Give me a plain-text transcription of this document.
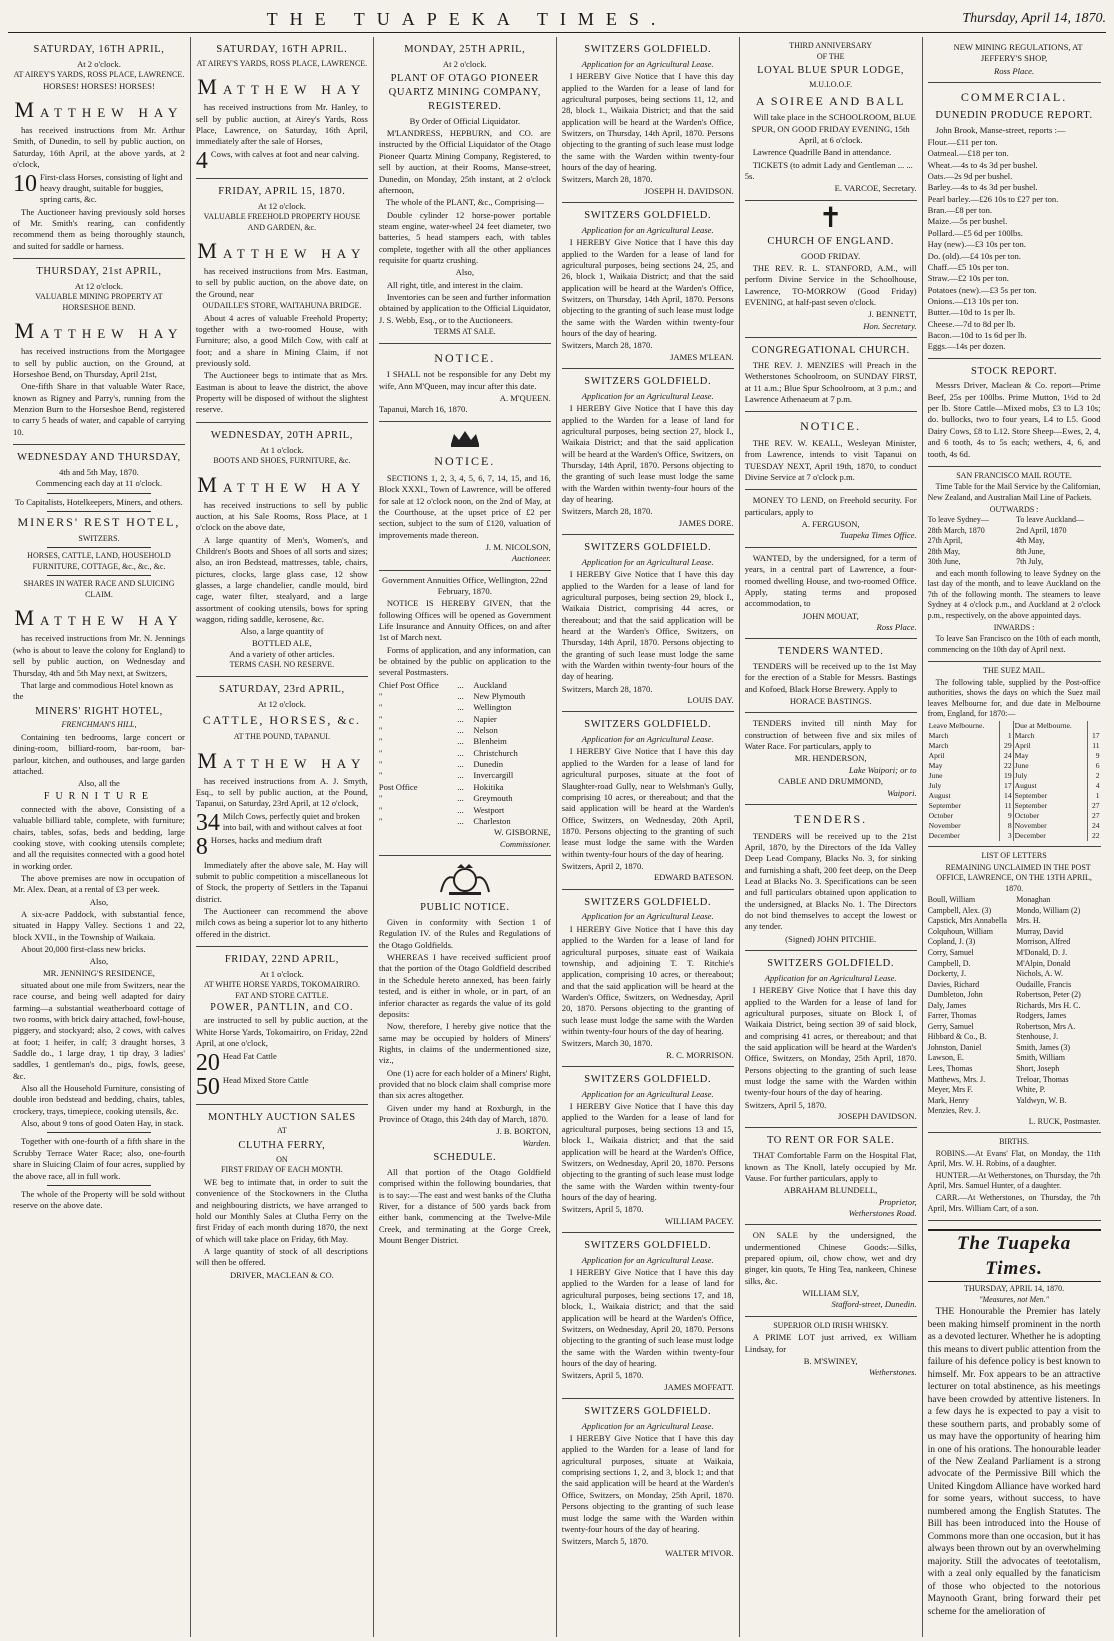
THE TUAPEKA TIMES.	Thursday, April 14, 1870.
SATURDAY, 16TH APRIL,
At 2 o'clock.
AT AIREY'S YARDS, ROSS PLACE, LAWRENCE.
HORSES! HORSES! HORSES!
MATTHEW HAY

has received instructions from Mr. Arthur Smith, of Dunedin, to sell by public auction, on Saturday, 16th April, at the above yards, at 2 o'clock,

10 First-class Horses, consisting of light and heavy draught, suitable for buggies, spring carts, &c.

The Auctioneer having previously sold horses of Mr. Smith's rearing, can confidently recommend them as being thoroughly staunch, and suited for saddle or harness.

THURSDAY, 21st APRIL,
At 12 o'clock.
VALUABLE MINING PROPERTY AT HORSESHOE BEND.
MATTHEW HAY

has received instructions from the Mortgagee to sell by public auction, on the Ground, at Horseshoe Bend, on Thursday, April 21st,

One-fifth Share in that valuable Water Race, known as Rigney and Parry's, running from the Menzion Burn to the Horseshoe Bend, registered to carry 5 heads of water, and capable of carrying 10.

WEDNESDAY AND THURSDAY,
4th and 5th May, 1870.
Commencing each day at 11 o'clock.
To Capitalists, Hotelkeepers, Miners, and others.
MINERS' REST HOTEL,
SWITZERS.
HORSES, CATTLE, LAND, HOUSEHOLD FURNITURE, COTTAGE, &c., &c., &c.
SHARES IN WATER RACE AND SLUICING CLAIM.
MATTHEW HAY

has received instructions from Mr. N. Jennings (who is about to leave the colony for England) to sell by public auction, on Wednesday and Thursday, 4th and 5th May next, at Switzers,

That large and commodious Hotel known as the

MINERS' RIGHT HOTEL,
FRENCHMAN'S HILL,

Containing ten bedrooms, large concert or dining-room, billiard-room, bar-room, bar-parlour, kitchen, and outhouses, and large garden attached.

Also, all the
FURNITURE

connected with the above, Consisting of a valuable billiard table, complete, with furniture; chairs, tables, sofas, beds and bedding, large cooking stove, with cooking utensils complete; and all the requisites connected with a good hotel in working order.

The above premises are now in occupation of Mr. Alex. Dean, at a rental of £3 per week.

Also,

A six-acre Paddock, with substantial fence, situated in Happy Valley. Sections 1 and 22, block XVII., in the Township of Waikaia.

About 20,000 first-class new bricks.

Also,
MR. JENNING'S RESIDENCE,

situated about one mile from Switzers, near the race course, and being well adapted for dairy farming—a substantial weatherboard cottage of two rooms, with brick dairy attached, fowl-house, piggery, and stockyard; also, 2 cows, with calves at foot; 1 heifer, in calf; 3 draught horses, 3 Saddle do., 1 large dray, 1 tip dray, 3 ladies' saddles, 1 gentleman's do., pigs, fowls, geese, &c.

Also all the Household Furniture, consisting of double iron bedstead and bedding, chairs, tables, crockery, trays, timepiece, cooking utensils, &c.

Also, about 9 tons of good Oaten Hay, in stack.

Together with one-fourth of a fifth share in the Scrubby Terrace Water Race; also, one-fourth share in Sluicing Claim of four acres, supplied by the above race, all in full work.

The whole of the Property will be sold without reserve on the above date.

SATURDAY, 16TH APRIL.
AT AIREY'S YARDS, ROSS PLACE, LAWRENCE.
MATTHEW HAY

has received instructions from Mr. Hanley, to sell by public auction, at Airey's Yards, Ross Place, Lawrence, on Saturday, 16th April, immediately after the sale of Horses,

4 Cows, with calves at foot and near calving.
FRIDAY, APRIL 15, 1870.
At 12 o'clock.
VALUABLE FREEHOLD PROPERTY HOUSE AND GARDEN, &c.
MATTHEW HAY

has received instructions from Mrs. Eastman, to sell by public auction, on the above date, on the Ground, near

OUDAILLE'S STORE, WAITAHUNA BRIDGE.

About 4 acres of valuable Freehold Property; together with a two-roomed House, with Furniture; also, a good Milch Cow, with calf at foot; and a share in Mining Claim, if not previously sold.

The Auctioneer begs to intimate that as Mrs. Eastman is about to leave the district, the above Property will be disposed of without the slightest reserve.

WEDNESDAY, 20TH APRIL,
At 1 o'clock.
BOOTS AND SHOES, FURNITURE, &c.
MATTHEW HAY

has received instructions to sell by public auction, at his Sale Rooms, Ross Place, at 1 o'clock on the above date,

A large quantity of Men's, Women's, and Children's Boots and Shoes of all sorts and sizes; also, an iron Bedstead, mattresses, table, chairs, pictures, clocks, large glass case, 12 show glasses, a large chandelier, candle mould, bird cage, water filter, stealyard, and a large assortment of cooking utensils, bows for spring waggon, riding saddle, kerosene, &c.

Also, a large quantity of
BOTTLED ALE,
And a variety of other articles.
TERMS CASH. NO RESERVE.
SATURDAY, 23rd APRIL,
At 12 o'clock.
CATTLE, HORSES, &c.
AT THE POUND, TAPANUI.
MATTHEW HAY

has received instructions from A. J. Smyth, Esq., to sell by public auction, at the Pound, Tapanui, on Saturday, 23rd April, at 12 o'clock,

34 Milch Cows, perfectly quiet and broken into bail, with and without calves at foot
8 Horses, hacks and medium draft

Immediately after the above sale, M. Hay will submit to public competition a miscellaneous lot of Stock, the property of Settlers in the Tapanui district.

The Auctioneer can recommend the above milch cows as being a superior lot to any hitherto offered in the district.

FRIDAY, 22ND APRIL,
At 1 o'clock.
AT WHITE HORSE YARDS, TOKOMAIRIRO.
FAT AND STORE CATTLE.
POWER, PANTLIN, and CO.

are instructed to sell by public auction, at the White Horse Yards, Tokomairiro, on Friday, 22nd April, at one o'clock,

20 Head Fat Cattle
50 Head Mixed Store Cattle
MONTHLY AUCTION SALES
AT
CLUTHA FERRY,
ON
FIRST FRIDAY OF EACH MONTH.

WE beg to intimate that, in order to suit the convenience of the Stockowners in the Clutha and neighbouring districts, we have arranged to hold our Monthly Sales at Clutha Ferry on the first Friday of each month during 1870, the next of which will take place on Friday, 6th May.

A large quantity of stock of all descriptions will then be offered.

DRIVER, MACLEAN & CO.
MONDAY, 25TH APRIL,
At 2 o'clock.
PLANT OF OTAGO PIONEER QUARTZ MINING COMPANY, REGISTERED.
By Order of Official Liquidator.

M'LANDRESS, HEPBURN, and CO. are instructed by the Official Liquidator of the Otago Pioneer Quartz Mining Company, Registered, to sell by auction, at their Rooms, Manse-street, Dunedin, on Monday, 25th instant, at 2 o'clock afternoon,

The whole of the PLANT, &c., Comprising—

Double cylinder 12 horse-power portable steam engine, water-wheel 24 feet diameter, two batteries, 5 head stampers each, with tables complete, together with all the other appliances requisite for quartz crushing.

Also,

All right, title, and interest in the claim.

Inventories can be seen and further information obtained by application to the Official Liquidator, J. S. Webb, Esq., or to the Auctioneers.

TERMS AT SALE.
NOTICE.

I SHALL not be responsible for any Debt my wife, Ann M'Queen, may incur after this date.

A. M'QUEEN.
Tapanui, March 16, 1870.
NOTICE.

SECTIONS 1, 2, 3, 4, 5, 6, 7, 14, 15, and 16, Block XXXI., Town of Lawrence, will be offered for sale at 12 o'clock noon, on the 2nd of May, at the Courthouse, at the upset price of £2 per section, subject to the sum of £120, valuation of improvements made thereon.

J. M. NICOLSON,
Auctioneer.
Government Annuities Office, Wellington, 22nd February, 1870.

NOTICE IS HEREBY GIVEN, that the following Offices will be opened as Government Life Insurance and Annuity Offices, on and after 1st of March next.

Forms of application, and any information, can be obtained by the public on application to the several Postmasters.

Chief Post Office	...	Auckland
"	...	New Plymouth
"	...	Wellington
"	...	Napier
"	...	Nelson
"	...	Blenheim
"	...	Christchurch
"	...	Dunedin
"	...	Invercargill
Post Office	...	Hokitika
"	...	Greymouth
"	...	Westport
"	...	Charleston
W. GISBORNE,
Commissioner.
PUBLIC NOTICE.

Given in conformity with Section 1 of Regulation IV. of the Rules and Regulations of the Otago Goldfields.

WHEREAS I have received sufficient proof that the portion of the Otago Goldfield described in the Schedule hereto annexed, has been fairly tested, and is either in whole, or in part, of an inferior character as regards the value of its gold deposits:

Now, therefore, I hereby give notice that the same may be occupied by holders of Miners' Rights, in claims of the undermentioned size, viz.,

One (1) acre for each holder of a Miners' Right, provided that no block claim shall comprise more than six acres altogether.

Given under my hand at Roxburgh, in the Province of Otago, this 24th day of March, 1870.

J. B. BORTON,
Warden.
SCHEDULE.

All that portion of the Otago Goldfield comprised within the following boundaries, that is to say:—The east and west banks of the Clutha River, for a distance of 500 yards back from either bank, commencing at the Twelve-Mile Creek, and terminating at the Gorge Creek, Mount Benger District.

SWITZERS GOLDFIELD.
Application for an Agricultural Lease.

I HEREBY Give Notice that I have this day applied to the Warden for a lease of land for agricultural purposes, being sections 11, 12, and 28, block 1., Waikaia District; and that the said application will be heard at the Warden's Office, Switzers, on Thursday, 14th April, 1870. Persons objecting to the granting of such lease must lodge the same with the Warden within twenty-four hours of the day of hearing.

Switzers, March 28, 1870.
JOSEPH H. DAVIDSON.
SWITZERS GOLDFIELD.
Application for an Agricultural Lease.

I HEREBY Give Notice that I have this day applied to the Warden for a lease of land for agricultural purposes, being sections 24, 25, and 26, block 1, Waikaia District; and that the said application will be heard at the Warden's Office, Switzers, on Thursday, 14th April, 1870. Persons objecting to the granting of such lease must lodge the same with the Warden within twenty-four hours of the day of hearing.

Switzers, March 28, 1870.
JAMES M'LEAN.
SWITZERS GOLDFIELD.
Application for an Agricultural Lease.

I HEREBY Give Notice that I have this day applied to the Warden for a lease of land for agricultural purposes, being section 27, block I., Waikaia District; and that the said application will be heard at the Warden's Office, Switzers, on Thursday, 14th April, 1870. Persons objecting to the granting of such lease must lodge the same with the Warden within twenty-four hours of the day of hearing.

Switzers, March 28, 1870.
JAMES DORE.
SWITZERS GOLDFIELD.
Application for an Agricultural Lease.

I HEREBY Give Notice that I have this day applied to the Warden for a lease of land for agricultural purposes, being section 29, block I., Waikaia District, comprising 44 acres, or thereabout; and that the said application will be heard at the Warden's Office, Switzers, on Thursday, 14th April, 1870. Persons objecting to the granting of such lease must lodge the same with the Warden within twenty-four hours of the day of hearing.

Switzers, March 28, 1870.
LOUIS DAY.
SWITZERS GOLDFIELD.
Application for an Agricultural Lease.

I HEREBY Give Notice that I have this day applied to the Warden for a lease of land for agricultural purposes, situate at the foot of Slaughter-road Gully, near to Welshman's Gully, comprising 10 acres, or thereabout; and that the said application will be heard at the Warden's Office, Switzers, on Wednesday, 20th April, 1870. Persons objecting to the granting of such lease must lodge the same with the Warden within twenty-four hours of the day of hearing.

Switzers, April 2, 1870.
EDWARD BATESON.
SWITZERS GOLDFIELD.
Application for an Agricultural Lease.

I HEREBY Give Notice that I have this day applied to the Warden for a lease of land for agricultural purposes, situate east of Waikaia township, and adjoining T. T. Ritchie's application, comprising 10 acres, or thereabout; and that the said application will be heard at the Warden's Office, Switzers, on Wednesday, April 20, 1870. Persons objecting to the granting of such lease must lodge the same with the Warden within twenty-four hours of the day of hearing.

Switzers, March 30, 1870.
R. C. MORRISON.
SWITZERS GOLDFIELD.
Application for an Agricultural Lease.

I HEREBY Give Notice that I have this day applied to the Warden for a lease of land for agricultural purposes, being sections 13 and 15, block I., Waikaia district; and that the said application will be heard at the Warden's Office, Switzers, on Wednesday, April 20, 1870. Persons objecting to the granting of such lease must lodge the same with the Warden within twenty-four hours of the day of hearing.

Switzers, April 5, 1870.
WILLIAM PACEY.
SWITZERS GOLDFIELD.
Application for an Agricultural Lease.

I HEREBY Give Notice that I have this day applied to the Warden for a lease of land for agricultural purposes, being sections 17, and 18, block, I., Waikaia district; and that the said application will be heard at the Warden's Office, Switzers, on Wednesday, April 20, 1870. Persons objecting to the granting of such lease must lodge the same with the Warden within twenty-four hours of the day of hearing.

Switzers, April 5, 1870.
JAMES MOFFATT.
SWITZERS GOLDFIELD.
Application for an Agricultural Lease.

I HEREBY Give Notice that I have this day applied to the Warden for a lease of land for agricultural purposes, situate at Waikaia, comprising sections 1, 2, and 3, block 1; and that the said application will be heard at the Warden's Office, Switzers, on Monday, 25th April, 1870. Persons objecting to the granting of such lease must lodge the same with the Warden within twenty-four hours of the day of hearing.

Switzers, March 5, 1870.
WALTER M'IVOR.
THIRD ANNIVERSARY
OF THE
LOYAL BLUE SPUR LODGE,
M.U.I.O.O.F.
A SOIREE AND BALL

Will take place in the SCHOOLROOM, BLUE SPUR, ON GOOD FRIDAY EVENING, 15th April, at 6 o'clock.

Lawrence Quadrille Band in attendance.

TICKETS (to admit Lady and Gentleman ... ... 5s.

E. VARCOE, Secretary.
✝
CHURCH OF ENGLAND.
GOOD FRIDAY.

THE REV. R. L. STANFORD, A.M., will perform Divine Service in the Schoolhouse, Lawrence, TO-MORROW (Good Friday) EVENING, at half-past seven o'clock.

J. BENNETT,
Hon. Secretary.
CONGREGATIONAL CHURCH.

THE REV. J. MENZIES will Preach in the Wetherstones Schoolroom, on SUNDAY FIRST, at 11 a.m.; Blue Spur Schoolroom, at 3 p.m.; and Lawrence Athenaeum at 7 p.m.

NOTICE.

THE REV. W. KEALL, Wesleyan Minister, from Lawrence, intends to visit Tapanui on TUESDAY NEXT, April 19th, 1870, to conduct Divine Service at 7 o'clock p.m.

MONEY TO LEND, on Freehold security. For particulars, apply to

A. FERGUSON,
Tuapeka Times Office.

WANTED, by the undersigned, for a term of years, in a central part of Lawrence, a four-roomed dwelling House, and two-roomed Office. Apply, stating terms and proposed accommodation, to

JOHN MOUAT,
Ross Place.
TENDERS WANTED.

TENDERS will be received up to the 1st May for the erection of a Stable for Messrs. Bastings and Kofoed, Black Horse Brewery. Apply to

HORACE BASTINGS.

TENDERS invited till ninth May for construction of between five and six miles of Water Race. For particulars, apply to

MR. HENDERSON,
Lake Waipori; or to
CABLE AND DRUMMOND,
Waipori.
TENDERS.

TENDERS will be received up to the 21st April, 1870, by the Directors of the Ida Valley Deep Lead Company, Blacks No. 3, for sinking and furnishing a shaft, 200 feet deep, on the Deep Lead at Blacks No. 3. Specifications can be seen and full particulars obtained upon application to the undersigned, at Blacks No. 1. The Directors do not bind themselves to accept the lowest or any tender.

(Signed) JOHN PITCHIE.
SWITZERS GOLDFIELD.
Application for an Agricultural Lease.

I HEREBY Give Notice that I have this day applied to the Warden for a lease of land for agricultural purposes, situate on Block I, of Waikaia District, being section 39 of said block, and comprising 41 acres, or thereabout; and that the said application will be heard at the Warden's Office, Switzers, on Monday, 25th April, 1870. Persons objecting to the granting of such lease must lodge the same with the Warden within twenty-four hours of the day of hearing.

Switzers, April 5, 1870.
JOSEPH DAVIDSON.
TO RENT OR FOR SALE.

THAT Comfortable Farm on the Hospital Flat, known as The Knoll, lately occupied by Mr. Vause. For further particulars, apply to

ABRAHAM BLUNDELL,
Proprietor,
Wetherstones Road.

ON SALE by the undersigned, the undermentioned Chinese Goods:—Silks, prepared opium, oil, chow chow, wet and dry ginger, kin quots, Te Hing Tea, nankeen, Chinese silks, &c.

WILLIAM SLY,
Stafford-street, Dunedin.
SUPERIOR OLD IRISH WHISKY.

A PRIME LOT just arrived, ex William Lindsay, for

B. M'SWINEY,
Wetherstones.

NEW MINING REGULATIONS, AT JEFFERY'S SHOP,

Ross Place.
COMMERCIAL.
DUNEDIN PRODUCE REPORT.

John Brook, Manse-street, reports :—

Flour.—£11 per ton.
Oatmeal.—£18 per ton.
Wheat.—4s to 4s 3d per bushel.
Oats.—2s 9d per bushel.
Barley.—4s to 4s 3d per bushel.
Pearl barley.—£26 10s to £27 per ton.
Bran.—£8 per ton.
Maize.—5s per bushel.
Pollard.—£5 6d per 100lbs.
Hay (new).—£3 10s per ton.
Do. (old).—£4 10s per ton.
Chaff.—£5 10s per ton.
Straw.—£2 10s per ton.
Potatoes (new).—£3 5s per ton.
Onions.—£13 10s per ton.
Butter.—10d to 1s per lb.
Cheese.—7d to 8d per lb.
Bacon.—10d to 1s 6d per lb.
Eggs.—14s per dozen.
STOCK REPORT.

Messrs Driver, Maclean & Co. report—Prime Beef, 25s per 100lbs. Prime Mutton, 1½d to 2d per lb. Store Cattle—Mixed mobs, £3 to L3 10s; do. bullocks, two to four years, L4 to L5. Good Dairy Cows, £8 to L12. Store Sheep—Ewes, 2, 4, and 6 tooth, 4s to 5s each; wethers, 4, 6, and tooth, 4s 6d.

SAN FRANCISCO MAIL ROUTE.

Time Table for the Mail Service by the Californian, New Zealand, and Australian Mail Line of Packets.

OUTWARDS :
To leave Sydney—
28th March, 1870
27th April,
28th May,
30th June,
To leave Auckland—
2nd April, 1870
4th May,
8th June,
7th July,

and each month following to leave Sydney on the last day of the month, and to leave Auckland on the 7th of the following month. The steamers to leave Sydney at 4 o'clock p.m., and Auckland at 2 o'clock p.m., respectively, on the above appointed days.

INWARDS :

To leave San Francisco on the 10th of each month, commencing on the 10th day of April next.

THE SUEZ MAIL.

The following table, supplied by the Post-office authorities, shows the days on which the Suez mail leaves Melbourne for, and due date in Melbourne from, England, for 1870:—

Leave Melbourne.		Due at Melbourne.	
March	1	March	17
March	29	April	11
April	24	May	9
May	22	June	6
June	19	July	2
July	17	August	4
August	14	September	1
September	11	September	27
October	9	October	27
November	8	November	24
December	3	December	22
LIST OF LETTERS

REMAINING UNCLAIMED IN THE POST OFFICE, LAWRENCE, ON THE 13TH APRIL, 1870.

Boull, William
Campbell, Alex. (3)
Capstick, Mrs Annabella
Colquhoun, William
Copland, J. (3)
Corry, Samuel
Campbell, D.
Dockerty, J.
Davies, Richard
Dumbleton, John
Daly, James
Farrer, Thomas
Gerry, Samuel
Hibbard & Co., B.
Johnston, Daniel
Lawson, E.
Lees, Thomas
Matthews, Mrs. J.
Meyer, Mrs F.
Mark, Henry
Menzies, Rev. J.
Monaghan
Mondo, William (2)
Mrs. H.
Murray, David
Morrison, Alfred
M'Donald, D. J.
M'Alpin, Donald
Nichols, A. W.
Oudaille, Francis
Robertson, Peter (2)
Richards, Mrs H. C.
Rodgers, James
Robertson, Mrs A.
Stenhouse, J.
Smith, James (3)
Smith, William
Short, Joseph
Treloar, Thomas
White, P.
Yaldwyn, W. B.
L. RUCK, Postmaster.
BIRTHS.

ROBINS.—At Evans' Flat, on Monday, the 11th April, Mrs. W. H. Robins, of a daughter.

HUNTER.—At Wetherstones, on Thursday, the 7th April, Mrs. Samuel Hunter, of a daughter.

CARR.—At Wetherstones, on Thursday, the 7th April, Mrs. William Carr, of a son.

The Tuapeka Times.
THURSDAY, APRIL 14, 1870.
"Measures, not Men."

THE Honourable the Premier has lately been making himself prominent in the north as a devoted lecturer. Whether he is adopting this means to divert public attention from the failure of his defence policy is best known to himself. Mr. Fox appears to be an attractive lecturer on total abstinence, as his meetings have been crowded by attentive listeners. In a few days he is expected to pay a visit to these southern parts, and probably some of us may have the opportunity of hearing him in one of his orations. The honourable leader of the New Zealand Parliament is a strong advocate of the Permissive Bill which the United Kingdom Alliance have worked hard for some years, without success, to have numbered among the English Statutes. The Bill has been introduced into the House of Commons more than one occasion, but it has always been thrown out by an overwhelming majority. Still the advocates of teetotalism, with a zeal only equalled by the fanaticism of those who objected to the notorious Maynooth Grant, bring forward their pet scheme for the amelioration of
